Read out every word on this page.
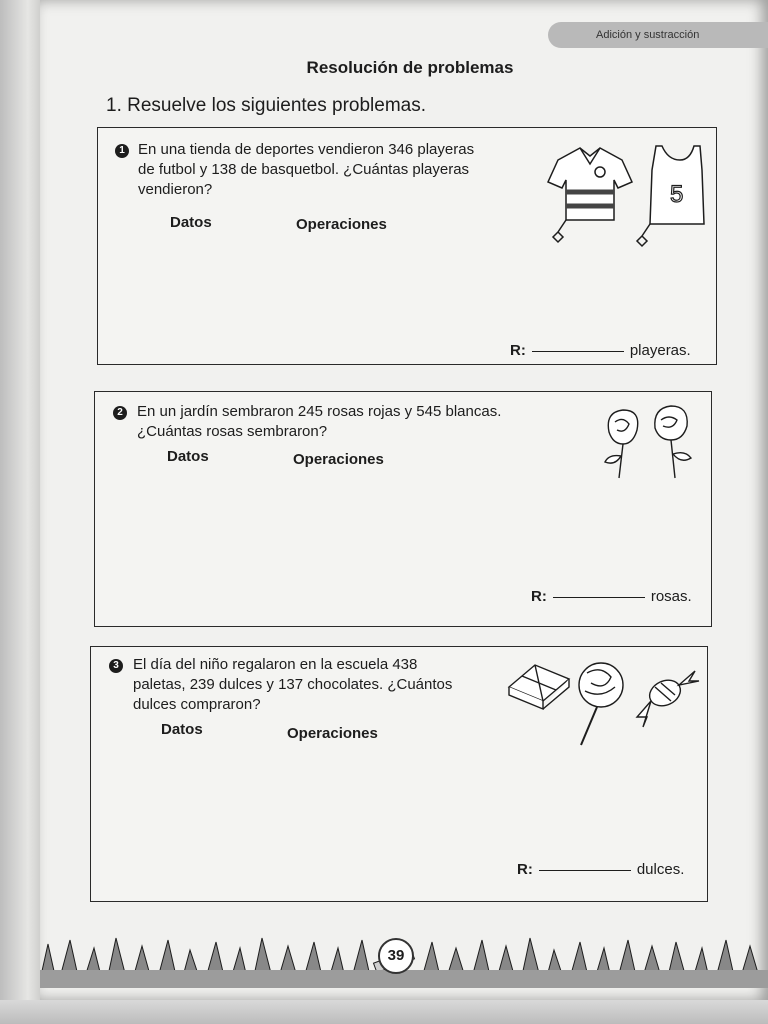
Adición y sustracción
Resolución de problemas
1. Resuelve los siguientes problemas.
1 En una tienda de deportes vendieron 346 playeras
de futbol y 138 de basquetbol. ¿Cuántas playeras
vendieron?
Datos	Operaciones
R:	playeras.
5
2 En un jardín sembraron 245 rosas rojas y 545 blancas.
¿Cuántas rosas sembraron?
Datos	Operaciones
R:	rosas.
3 El día del niño regalaron en la escuela 438
paletas, 239 dulces y 137 chocolates. ¿Cuántos
dulces compraron?
Datos	Operaciones
R:	dulces.
39
